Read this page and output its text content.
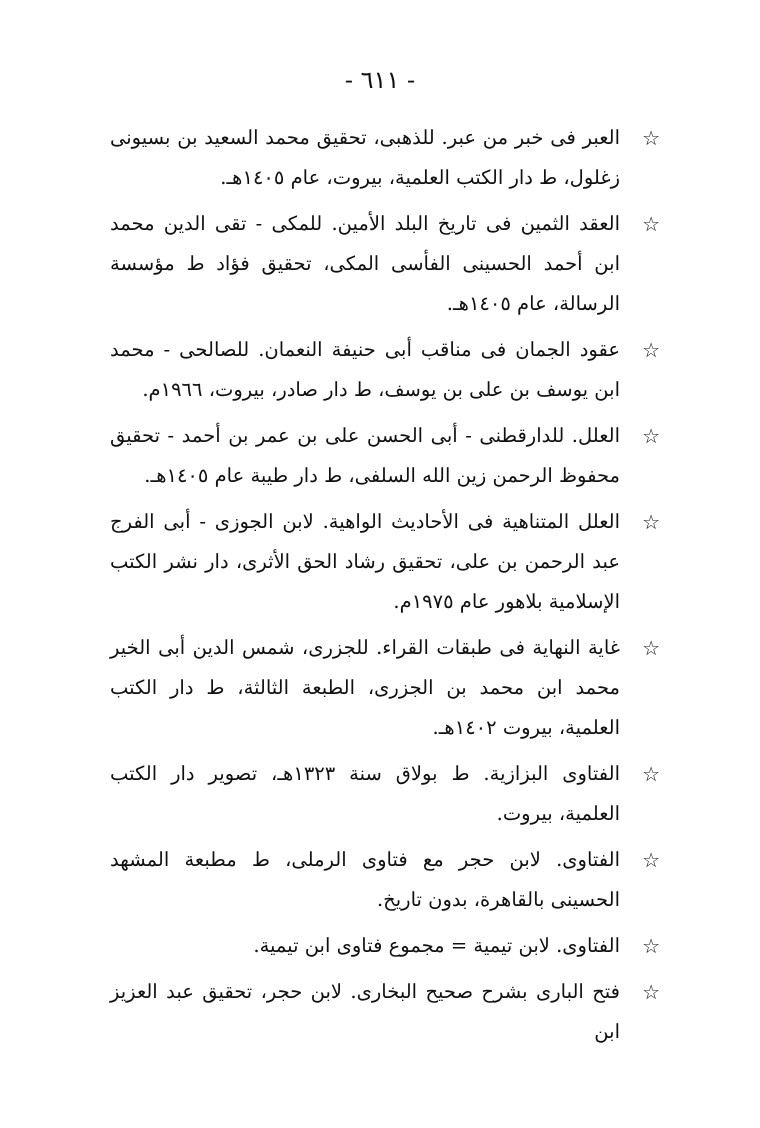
- ٦١١ -
☆
العبر فى خبر من عبر. للذهبى، تحقيق محمد السعيد بن بسيونى زغلول، ط دار الكتب العلمية، بيروت، عام ١٤٠٥هـ.
☆
العقد الثمين فى تاريخ البلد الأمين. للمكى - تقى الدين محمد ابن أحمد الحسينى الفأسى المكى، تحقيق فؤاد ط مؤسسة الرسالة، عام ١٤٠٥هـ.
☆
عقود الجمان فى مناقب أبى حنيفة النعمان. للصالحى - محمد ابن يوسف بن على بن يوسف، ط دار صادر، بيروت، ١٩٦٦م.
☆
العلل. للدارقطنى - أبى الحسن على بن عمر بن أحمد - تحقيق محفوظ الرحمن زين الله السلفى، ط دار طيبة عام ١٤٠٥هـ.
☆
العلل المتناهية فى الأحاديث الواهية. لابن الجوزى - أبى الفرج عبد الرحمن بن على، تحقيق رشاد الحق الأثرى، دار نشر الكتب الإسلامية بلاهور عام ١٩٧٥م.
☆
غاية النهاية فى طبقات القراء. للجزرى، شمس الدين أبى الخير محمد ابن محمد بن الجزرى، الطبعة الثالثة، ط دار الكتب العلمية، بيروت ١٤٠٢هـ.
☆
الفتاوى البزازية. ط بولاق سنة ١٣٢٣هـ، تصوير دار الكتب العلمية، بيروت.
☆
الفتاوى. لابن حجر مع فتاوى الرملى، ط مطبعة المشهد الحسينى بالقاهرة، بدون تاريخ.
☆
الفتاوى. لابن تيمية = مجموع فتاوى ابن تيمية.
☆
فتح البارى بشرح صحيح البخارى. لابن حجر، تحقيق عبد العزيز ابن
